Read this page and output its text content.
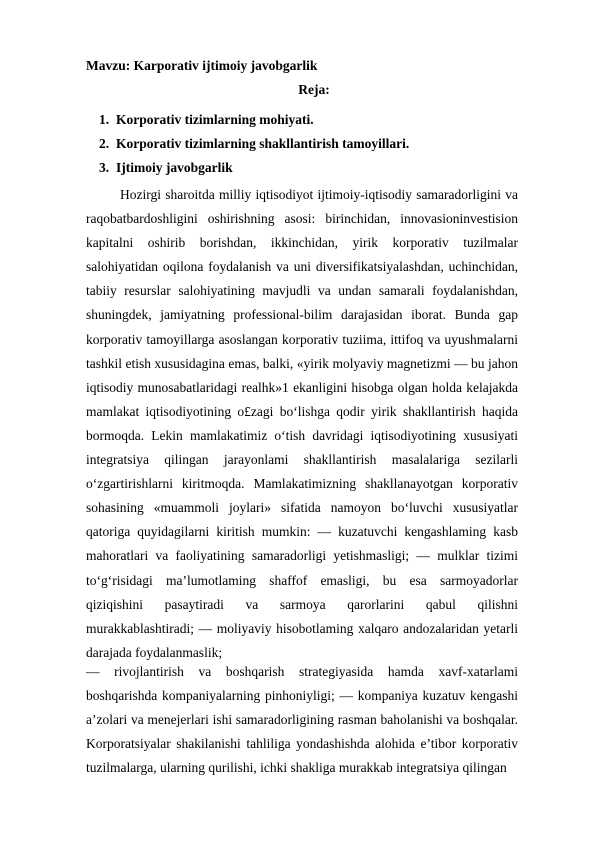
Mavzu: Karporativ ijtimoiy javobgarlik
Reja:
1. Korporativ tizimlarning mohiyati.
2. Korporativ tizimlarning shakllantirish tamoyillari.
3. Ijtimoiy javobgarlik

Hozirgi sharoitda milliy iqtisodiyot ijtimoiy-iqtisodiy samaradorligini va raqobatbardoshligini oshirishning asosi: birinchidan, innovasioninvestision kapitalni oshirib borishdan, ikkinchidan, yirik korporativ tuzilmalar salohiyatidan oqilona foydalanish va uni diversifikatsiyalashdan, uchinchidan, tabiiy resurslar salohiyatining mavjudli va undan samarali foydalanishdan, shuningdek, jamiyatning professional-bilim darajasidan iborat. Bunda gap korporativ tamoyillarga asoslangan korporativ tuziima, ittifoq va uyushmalarni tashkil etish xususidagina emas, balki, «yirik molyaviy magnetizmi — bu jahon iqtisodiy munosabatlaridagi realhk»1 ekanligini hisobga olgan holda kelajakda mamlakat iqtisodiyotining o£zagi bo‘lishga qodir yirik shakllantirish haqida bormoqda. Lekin mamlakatimiz o‘tish davridagi iqtisodiyotining xususiyati integratsiya qilingan jarayonlami shakllantirish masalalariga sezilarli o‘zgartirishlarni kiritmoqda. Mamlakatimizning shakllanayotgan korporativ sohasining «muammoli joylari» sifatida namoyon bo‘luvchi xususiyatlar qatoriga quyidagilarni kiritish mumkin: — kuzatuvchi kengashlaming kasb mahoratlari va faoliyatining samaradorligi yetishmasligi; — mulklar tizimi to‘g‘risidagi ma’lumotlaming shaffof emasligi, bu esa sarmoyadorlar qiziqishini pasaytiradi va sarmoya qarorlarini qabul qilishni murakkablashtiradi; — moliyaviy hisobotlaming xalqaro andozalaridan yetarli darajada foydalanmaslik;

— rivojlantirish va boshqarish strategiyasida hamda xavf-xatarlami boshqarishda kompaniyalarning pinhoniyligi; — kompaniya kuzatuv kengashi a’zolari va menejerlari ishi samaradorligining rasman baholanishi va boshqalar. Korporatsiyalar shakilanishi tahliliga yondashishda alohida e’tibor korporativ tuzilmalarga, ularning qurilishi, ichki shakliga murakkab integratsiya qilingan
